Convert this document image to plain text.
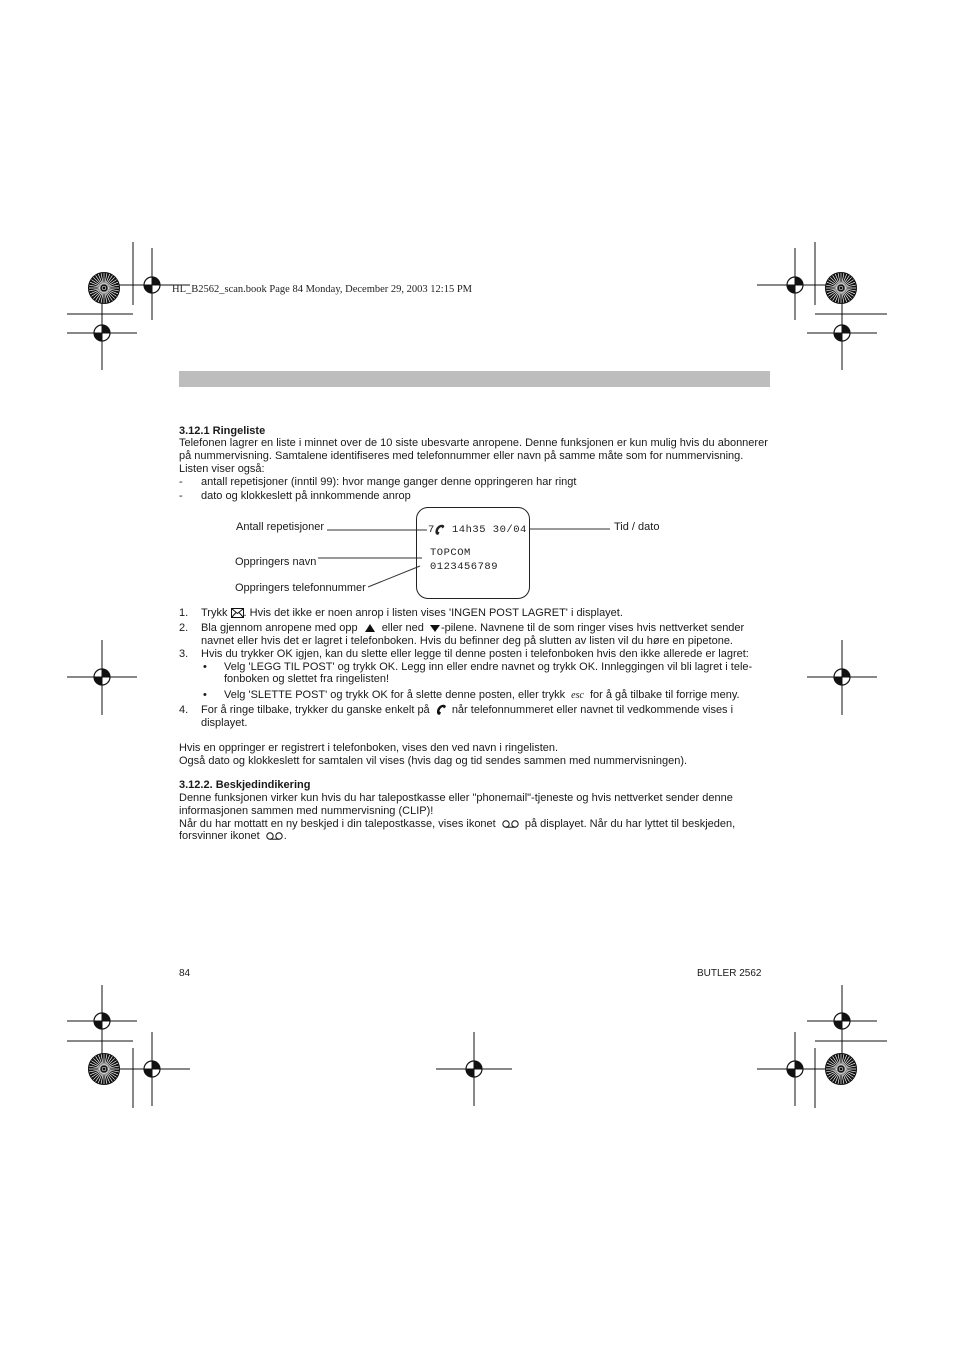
HL_B2562_scan.book Page 84 Monday, December 29, 2003 12:15 PM
3.12.1 Ringeliste
Telefonen lagrer en liste i minnet over de 10 siste ubesvarte anropene. Denne funksjonen er kun mulig hvis du abonnerer
på nummervisning. Samtalene identifiseres med telefonnummer eller navn på samme måte som for nummervisning.
Listen viser også:
- antall repetisjoner (inntil 99): hvor mange ganger denne oppringeren har ringt
- dato og klokkeslett på innkommende anrop
Antall repetisjoner
Oppringers navn
Oppringers telefonnummer
Tid / dato
7 14h35 30/04
TOPCOM
0123456789
1. Trykk . Hvis det ikke er noen anrop i listen vises 'INGEN POST LAGRET' i displayet.
2. Bla gjennom anropene med opp eller ned -pilene. Navnene til de som ringer vises hvis nettverket sender
navnet eller hvis det er lagret i telefonboken. Hvis du befinner deg på slutten av listen vil du høre en pipetone.
3. Hvis du trykker OK igjen, kan du slette eller legge til denne posten i telefonboken hvis den ikke allerede er lagret:
• Velg 'LEGG TIL POST' og trykk OK. Legg inn eller endre navnet og trykk OK. Innleggingen vil bli lagret i tele-
fonboken og slettet fra ringelisten!
• Velg 'SLETTE POST' og trykk OK for å slette denne posten, eller trykk esc for å gå tilbake til forrige meny.
4. For å ringe tilbake, trykker du ganske enkelt på når telefonnummeret eller navnet til vedkommende vises i
displayet.
Hvis en oppringer er registrert i telefonboken, vises den ved navn i ringelisten.
Også dato og klokkeslett for samtalen vil vises (hvis dag og tid sendes sammen med nummervisningen).
3.12.2. Beskjedindikering
Denne funksjonen virker kun hvis du har talepostkasse eller "phonemail"-tjeneste og hvis nettverket sender denne
informasjonen sammen med nummervisning (CLIP)!
Når du har mottatt en ny beskjed i din talepostkasse, vises ikonet	på displayet. Når du har lyttet til beskjeden,
forsvinner ikonet .
84	BUTLER 2562
